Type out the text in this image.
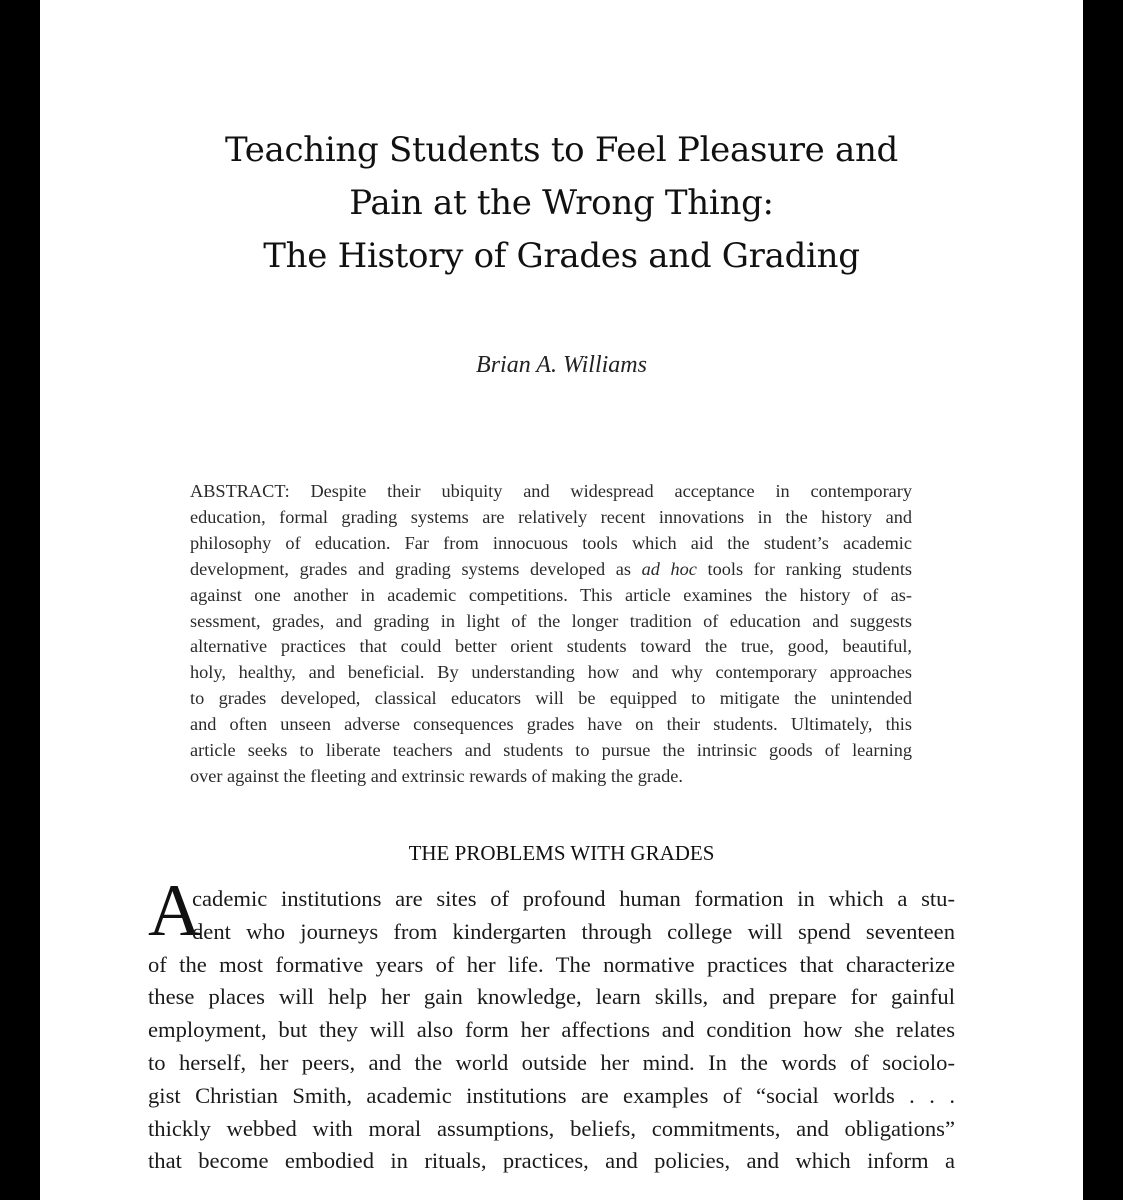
Teaching Students to Feel Pleasure and
Pain at the Wrong Thing:
The History of Grades and Grading
Brian A. Williams
ABSTRACT: Despite their ubiquity and widespread acceptance in contemporary
education, formal grading systems are relatively recent innovations in the history and
philosophy of education. Far from innocuous tools which aid the student’s academic
development, grades and grading systems developed as ad hoc tools for ranking students
against one another in academic competitions. This article examines the history of as-
sessment, grades, and grading in light of the longer tradition of education and suggests
alternative practices that could better orient students toward the true, good, beautiful,
holy, healthy, and beneficial. By understanding how and why contemporary approaches
to grades developed, classical educators will be equipped to mitigate the unintended
and often unseen adverse consequences grades have on their students. Ultimately, this
article seeks to liberate teachers and students to pursue the intrinsic goods of learning
over against the fleeting and extrinsic rewards of making the grade.
THE PROBLEMS WITH GRADES
A
cademic institutions are sites of profound human formation in which a stu-
dent who journeys from kindergarten through college will spend seventeen
of the most formative years of her life. The normative practices that characterize
these places will help her gain knowledge, learn skills, and prepare for gainful
employment, but they will also form her affections and condition how she relates
to herself, her peers, and the world outside her mind. In the words of sociolo-
gist Christian Smith, academic institutions are examples of “social worlds . . .
thickly webbed with moral assumptions, beliefs, commitments, and obligations”
that become embodied in rituals, practices, and policies, and which inform a
